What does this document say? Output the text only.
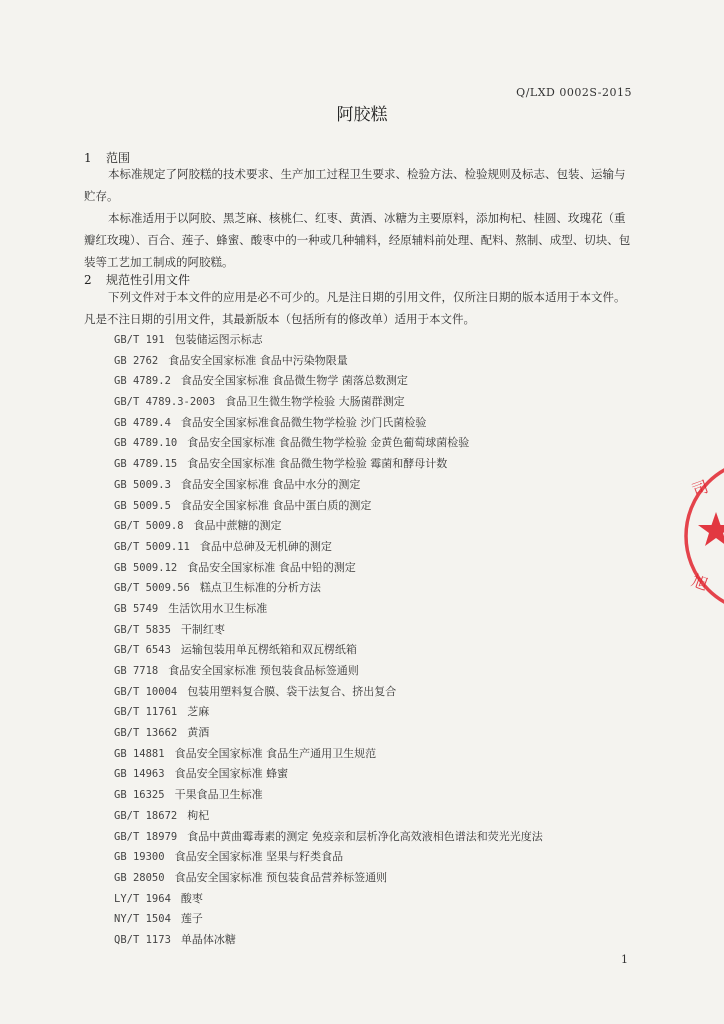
Q/LXD 0002S-2015
阿胶糕
1 范围

本标准规定了阿胶糕的技术要求、生产加工过程卫生要求、检验方法、检验规则及标志、包装、运输与贮存。

本标准适用于以阿胶、黑芝麻、核桃仁、红枣、黄酒、冰糖为主要原料，添加枸杞、桂圆、玫瑰花（重瓣红玫瑰）、百合、莲子、蜂蜜、酸枣中的一种或几种辅料，经原辅料前处理、配料、熬制、成型、切块、包装等工艺加工制成的阿胶糕。

2 规范性引用文件

下列文件对于本文件的应用是必不可少的。凡是注日期的引用文件，仅所注日期的版本适用于本文件。凡是不注日期的引用文件，其最新版本（包括所有的修改单）适用于本文件。

GB/T 191 包装储运图示标志
GB 2762 食品安全国家标准 食品中污染物限量
GB 4789.2 食品安全国家标准 食品微生物学 菌落总数测定
GB/T 4789.3-2003 食品卫生微生物学检验 大肠菌群测定
GB 4789.4 食品安全国家标准食品微生物学检验 沙门氏菌检验
GB 4789.10 食品安全国家标准 食品微生物学检验 金黄色葡萄球菌检验
GB 4789.15 食品安全国家标准 食品微生物学检验 霉菌和酵母计数
GB 5009.3 食品安全国家标准 食品中水分的测定
GB 5009.5 食品安全国家标准 食品中蛋白质的测定
GB/T 5009.8 食品中蔗糖的测定
GB/T 5009.11 食品中总砷及无机砷的测定
GB 5009.12 食品安全国家标准 食品中铅的测定
GB/T 5009.56 糕点卫生标准的分析方法
GB 5749 生活饮用水卫生标准
GB/T 5835 干制红枣
GB/T 6543 运输包装用单瓦楞纸箱和双瓦楞纸箱
GB 7718 食品安全国家标准 预包装食品标签通则
GB/T 10004 包装用塑料复合膜、袋干法复合、挤出复合
GB/T 11761 芝麻
GB/T 13662 黄酒
GB 14881 食品安全国家标准 食品生产通用卫生规范
GB 14963 食品安全国家标准 蜂蜜
GB 16325 干果食品卫生标准
GB/T 18672 枸杞
GB/T 18979 食品中黄曲霉毒素的测定 免疫亲和层析净化高效液相色谱法和荧光光度法
GB 19300 食品安全国家标准 坚果与籽类食品
GB 28050 食品安全国家标准 预包装食品营养标签通则
LY/T 1964 酸枣
NY/T 1504 莲子
QB/T 1173 单晶体冰糖
司
旭
1
